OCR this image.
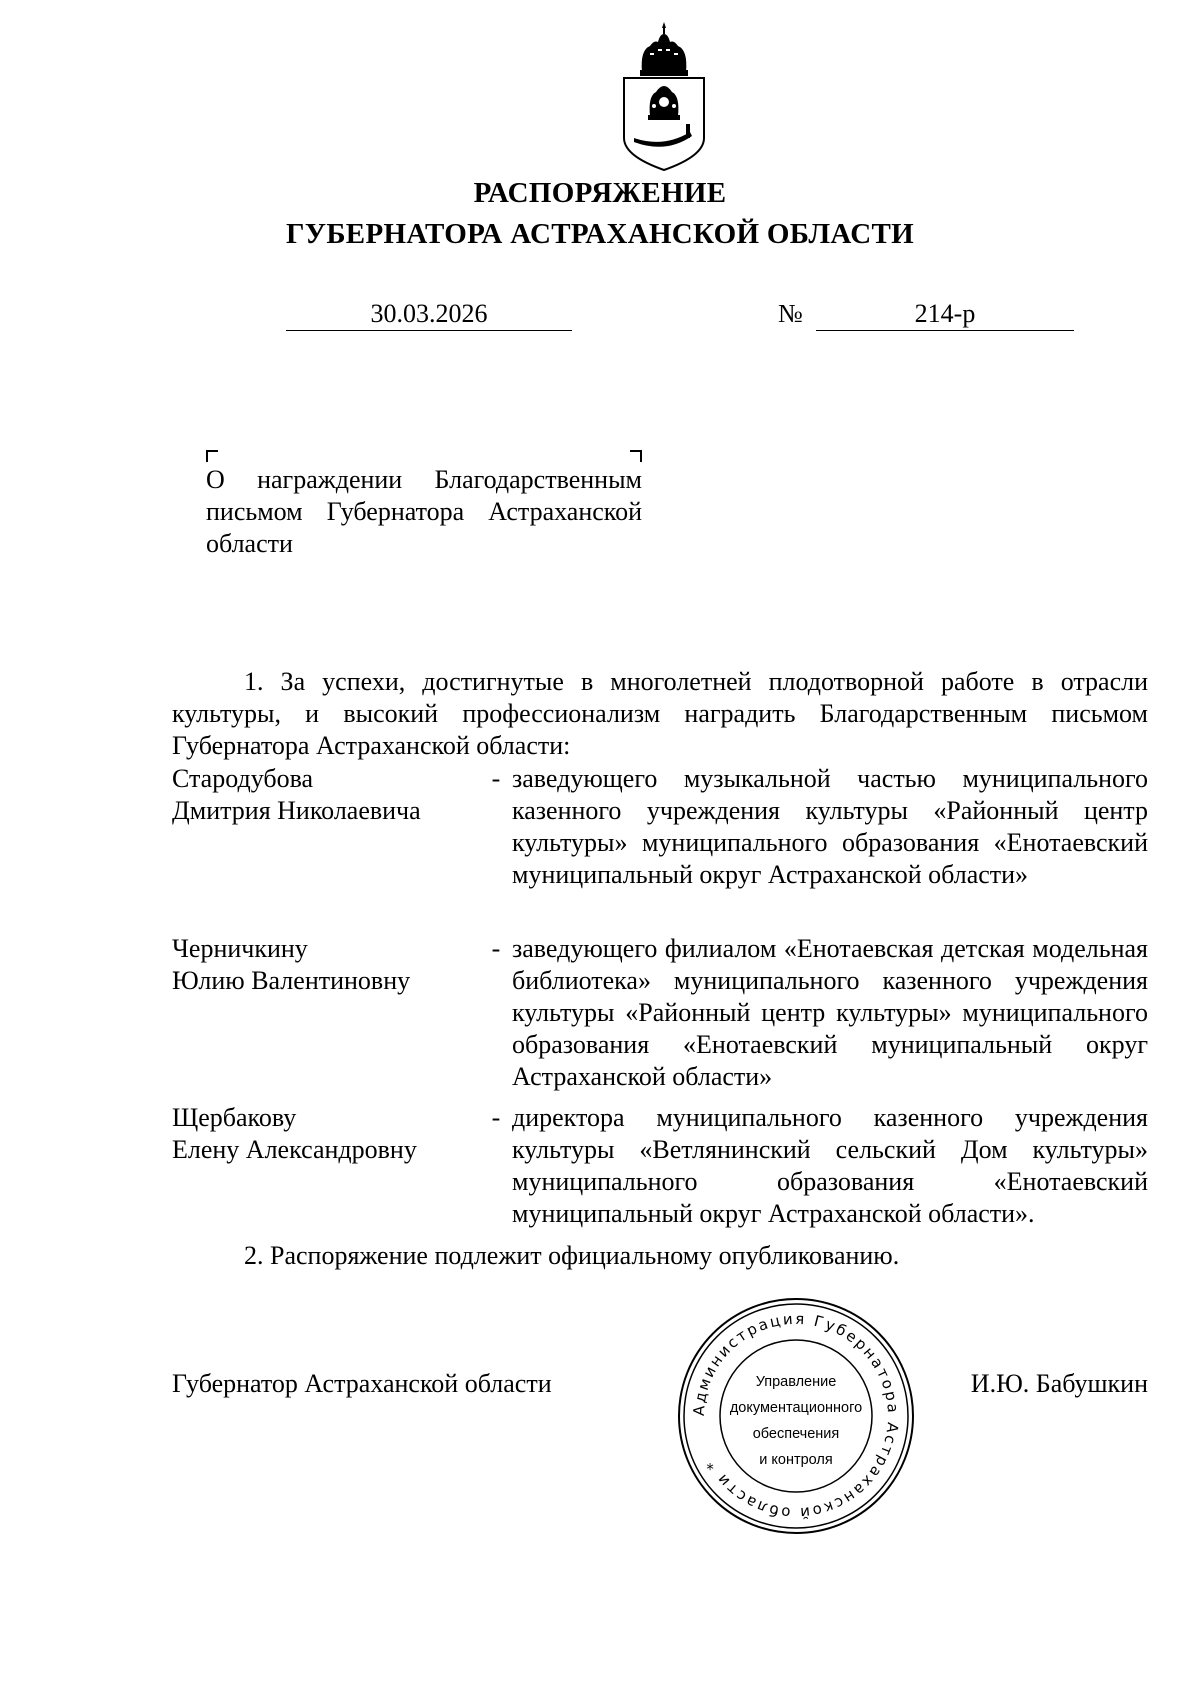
РАСПОРЯЖЕНИЕ
ГУБЕРНАТОРА АСТРАХАНСКОЙ ОБЛАСТИ
30.03.2026	№	214-р
О награждении Благодарственным письмом Губернатора Астраханской области
1. За успехи, достигнутые в многолетней плодотворной работе в отрасли культуры, и высокий профессионализм наградить Благодарственным письмом Губернатора Астраханской области:
Стародубова
Дмитрия Николаевича
- заведующего музыкальной частью муниципального казенного учреждения культуры «Районный центр культуры» муниципального образования «Енотаевский муниципальный округ Астраханской области»
Черничкину
Юлию Валентиновну
- заведующего филиалом «Енотаевская детская модельная библиотека» муниципального казенного учреждения культуры «Районный центр культуры» муниципального образования «Енотаевский муниципальный округ Астраханской области»
Щербакову
Елену Александровну
- директора муниципального казенного учреждения культуры «Ветлянинский сельский Дом культуры» муниципального образования «Енотаевский муниципальный округ Астраханской области».
2. Распоряжение подлежит официальному опубликованию.
Губернатор Астраханской области
Администрация Губернатора Астраханской области *
Управление
документационного
обеспечения
и контроля
И.Ю. Бабушкин
